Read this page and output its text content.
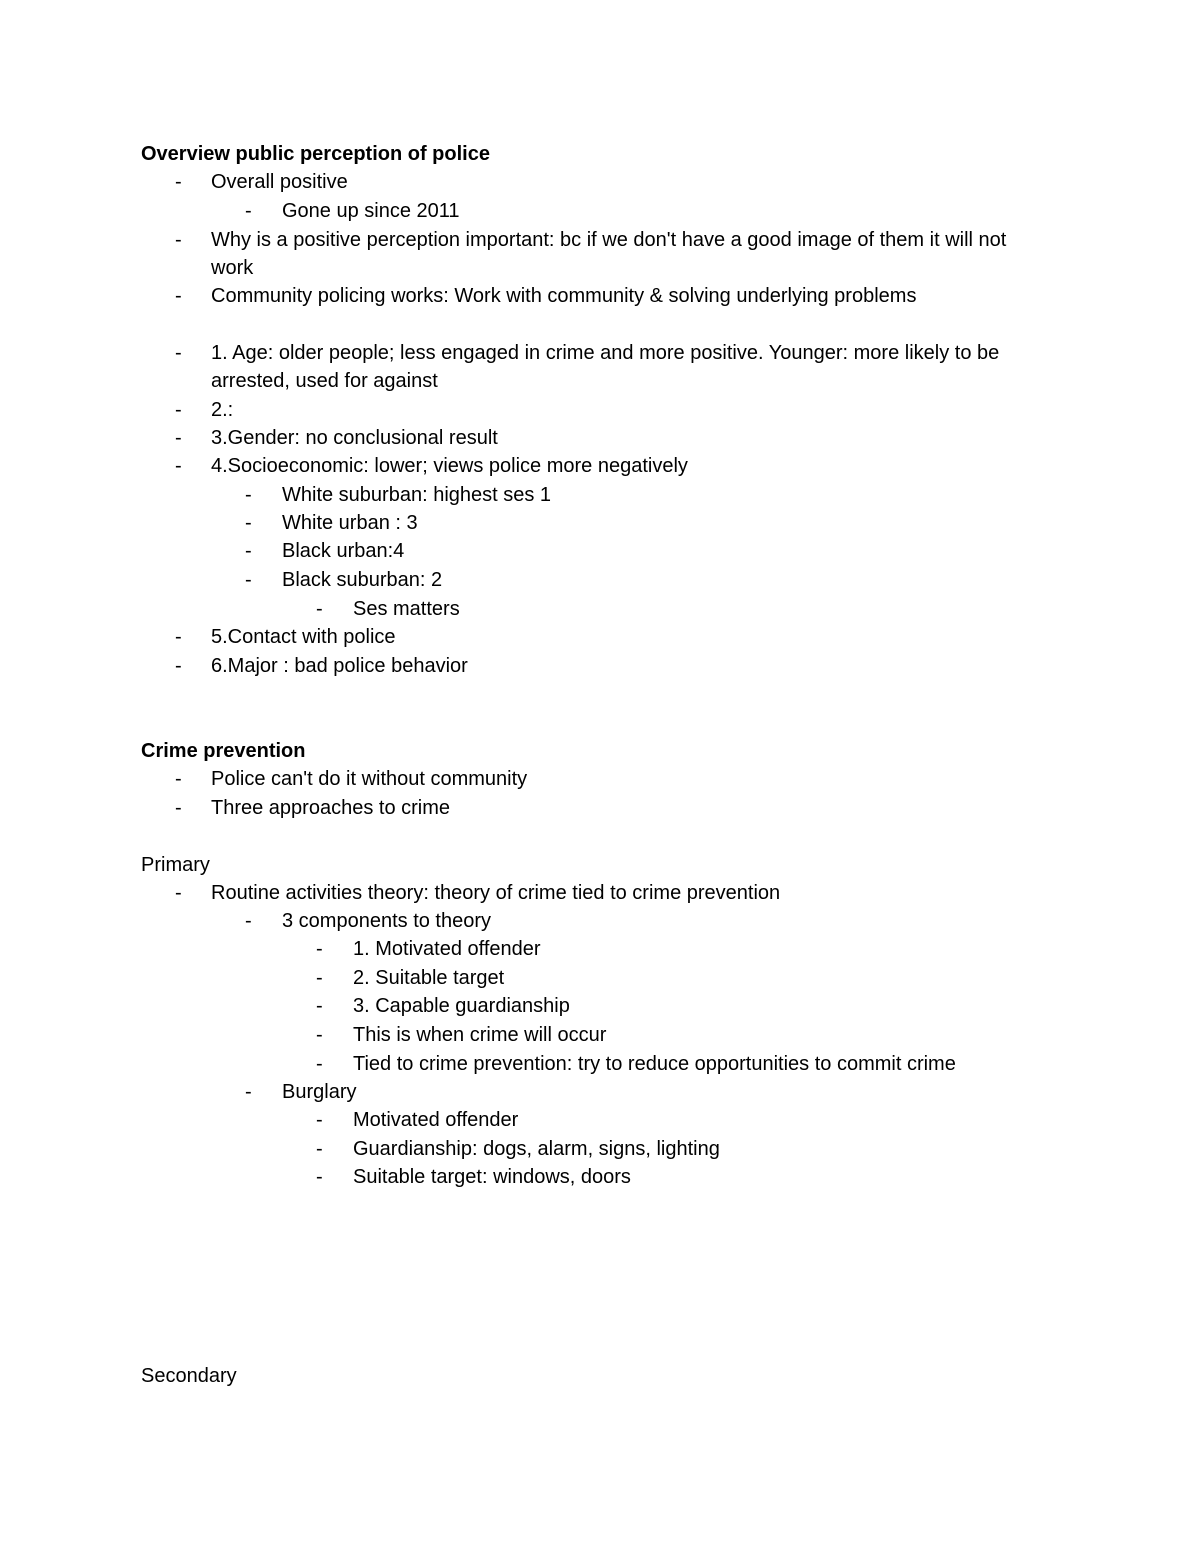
Overview public perception of police
- Overall positive
- Gone up since 2011
- Why is a positive perception important: bc if we don't have a good image of them it will not work
- Community policing works: Work with community & solving underlying problems
- 1. Age: older people; less engaged in crime and more positive. Younger: more likely to be arrested, used for against
- 2.:
- 3.Gender: no conclusional result
- 4.Socioeconomic: lower; views police more negatively
- White suburban: highest ses 1
- White urban : 3
- Black urban:4
- Black suburban: 2
- Ses matters
- 5.Contact with police
- 6.Major : bad police behavior
Crime prevention
- Police can't do it without community
- Three approaches to crime
Primary
- Routine activities theory: theory of crime tied to crime prevention
- 3 components to theory
- 1. Motivated offender
- 2. Suitable target
- 3. Capable guardianship
- This is when crime will occur
- Tied to crime prevention: try to reduce opportunities to commit crime
- Burglary
- Motivated offender
- Guardianship: dogs, alarm, signs, lighting
- Suitable target: windows, doors
Secondary
